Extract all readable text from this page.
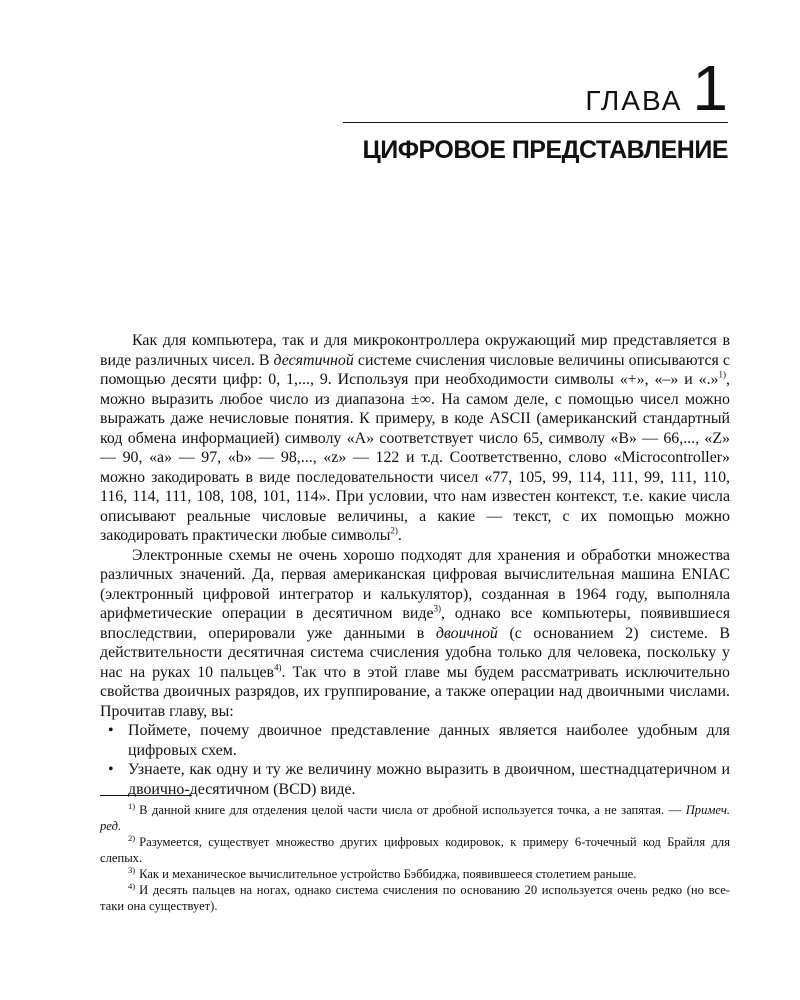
ГЛАВА 1
ЦИФРОВОЕ ПРЕДСТАВЛЕНИЕ

Как для компьютера, так и для микроконтроллера окружающий мир представляется в виде различных чисел. В десятичной системе счисления числовые величины описываются с помощью десяти цифр: 0, 1,..., 9. Используя при необходимости символы «+», «–» и «.»$^{1)}$, можно выразить любое число из диапазона ±∞. На самом деле, с помощью чисел можно выражать даже нечисловые понятия. К примеру, в коде ASCII (американский стандартный код обмена информацией) символу «A» соответствует число 65, символу «B» — 66,..., «Z» — 90, «a» — 97, «b» — 98,..., «z» — 122 и т.д. Соответственно, слово «Microcontroller» можно закодировать в виде последовательности чисел «77, 105, 99, 114, 111, 99, 111, 110, 116, 114, 111, 108, 108, 101, 114». При условии, что нам известен контекст, т.е. какие числа описывают реальные числовые величины, а какие — текст, с их помощью можно закодировать практически любые символы$^{2)}$.

Электронные схемы не очень хорошо подходят для хранения и обработки множества различных значений. Да, первая американская цифровая вычислительная машина ENIAC (электронный цифровой интегратор и калькулятор), созданная в 1964 году, выполняла арифметические операции в десятичном виде$^{3)}$, однако все компьютеры, появившиеся впоследствии, оперировали уже данными в двоичной (с основанием 2) системе. В действительности десятичная система счисления удобна только для человека, поскольку у нас на руках 10 пальцев$^{4)}$. Так что в этой главе мы будем рассматривать исключительно свойства двоичных разрядов, их группирование, а также операции над двоичными числами. Прочитав главу, вы:

• Поймете, почему двоичное представление данных является наиболее удобным для цифровых схем.
• Узнаете, как одну и ту же величину можно выразить в двоичном, шестнадцатеричном и двоично-десятичном (BCD) виде.

$^{1)}$ В данной книге для отделения целой части числа от дробной используется точка, а не запятая. — Примеч. ред.

$^{2)}$ Разумеется, существует множество других цифровых кодировок, к примеру 6-точечный код Брайля для слепых.

$^{3)}$ Как и механическое вычислительное устройство Бэббиджа, появившееся столетием раньше.

$^{4)}$ И десять пальцев на ногах, однако система счисления по основанию 20 используется очень редко (но все-таки она существует).
